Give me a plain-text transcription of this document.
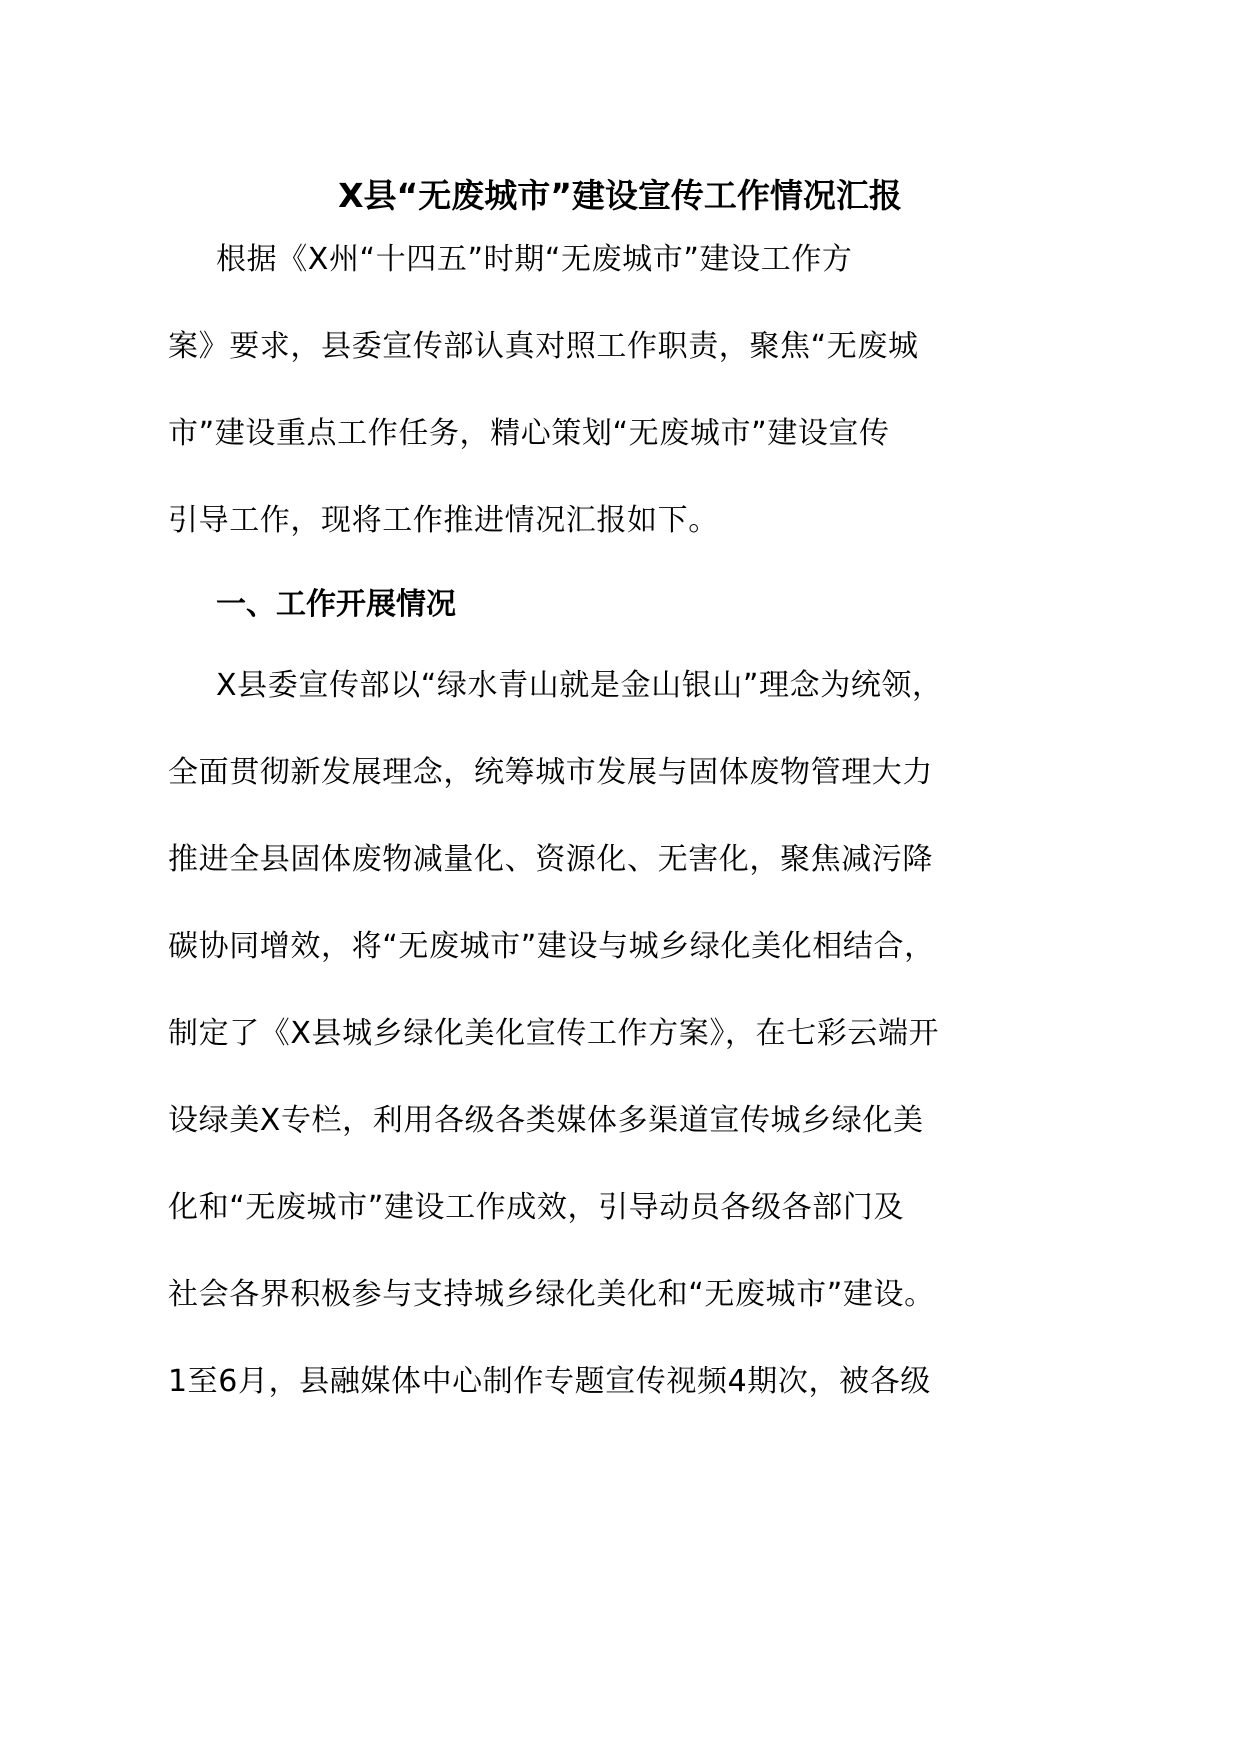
X县“无废城市”建设宣传工作情况汇报
根据《X州“十四五”时期“无废城市”建设工作方
案》要求，县委宣传部认真对照工作职责，聚焦“无废城
市”建设重点工作任务，精心策划“无废城市”建设宣传
引导工作，现将工作推进情况汇报如下。
一、工作开展情况
X县委宣传部以“绿水青山就是金山银山”理念为统领，
全面贯彻新发展理念，统筹城市发展与固体废物管理大力
推进全县固体废物减量化、资源化、无害化，聚焦减污降
碳协同增效，将“无废城市”建设与城乡绿化美化相结合，
制定了《X县城乡绿化美化宣传工作方案》，在七彩云端开
设绿美X专栏，利用各级各类媒体多渠道宣传城乡绿化美
化和“无废城市”建设工作成效，引导动员各级各部门及
社会各界积极参与支持城乡绿化美化和“无废城市”建设。
1至6月，县融媒体中心制作专题宣传视频4期次，被各级
